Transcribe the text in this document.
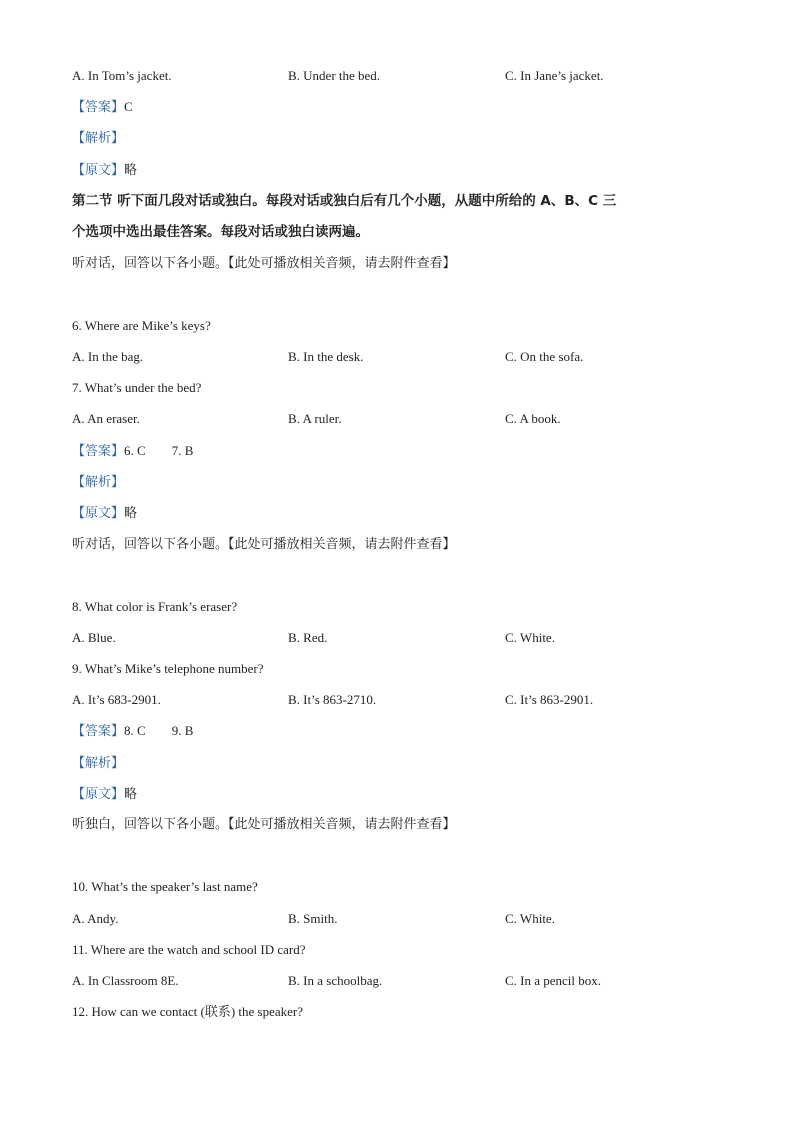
A. In Tom’s jacket.	B. Under the bed.	C. In Jane’s jacket.
【答案】C
【解析】
【原文】略
第二节 听下面几段对话或独白。每段对话或独白后有几个小题，从题中所给的 A、B、C 三
个选项中选出最佳答案。每段对话或独白读两遍。
听对话，回答以下各小题。【此处可播放相关音频，请去附件查看】
6. Where are Mike’s keys?
A. In the bag.	B. In the desk.	C. On the sofa.
7. What’s under the bed?
A. An eraser.	B. A ruler.	C. A book.
【答案】6. C 7. B
【解析】
【原文】略
听对话，回答以下各小题。【此处可播放相关音频，请去附件查看】
8. What color is Frank’s eraser?
A. Blue.	B. Red.	C. White.
9. What’s Mike’s telephone number?
A. It’s 683-2901.	B. It’s 863-2710.	C. It’s 863-2901.
【答案】8. C 9. B
【解析】
【原文】略
听独白，回答以下各小题。【此处可播放相关音频，请去附件查看】
10. What’s the speaker’s last name?
A. Andy.	B. Smith.	C. White.
11. Where are the watch and school ID card?
A. In Classroom 8E.	B. In a schoolbag.	C. In a pencil box.
12. How can we contact (联系) the speaker?
